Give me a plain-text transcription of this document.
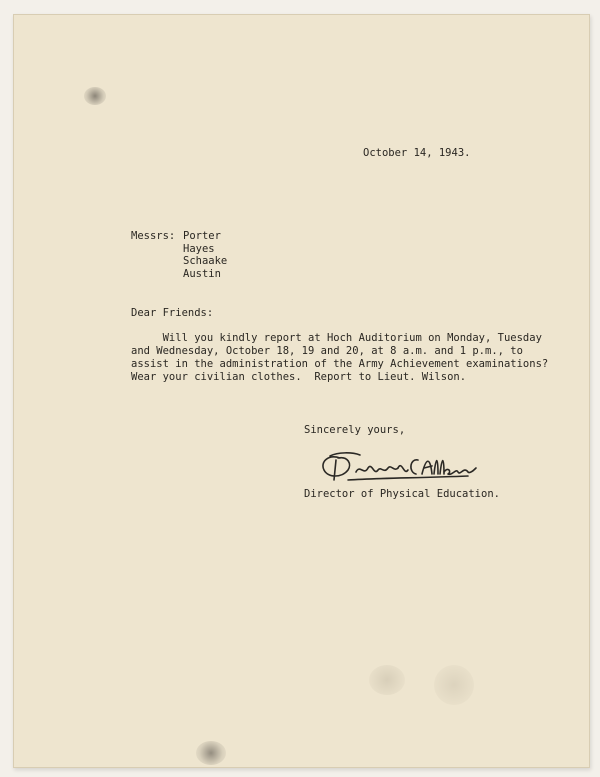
October 14, 1943.
Messrs: Porter
Hayes
Schaake
Austin
Dear Friends:
Will you kindly report at Hoch Auditorium on Monday, Tuesday
and Wednesday, October 18, 19 and 20, at 8 a.m. and 1 p.m., to
assist in the administration of the Army Achievement examinations?
Wear your civilian clothes.  Report to Lieut. Wilson.
Sincerely yours,
Director of Physical Education.
